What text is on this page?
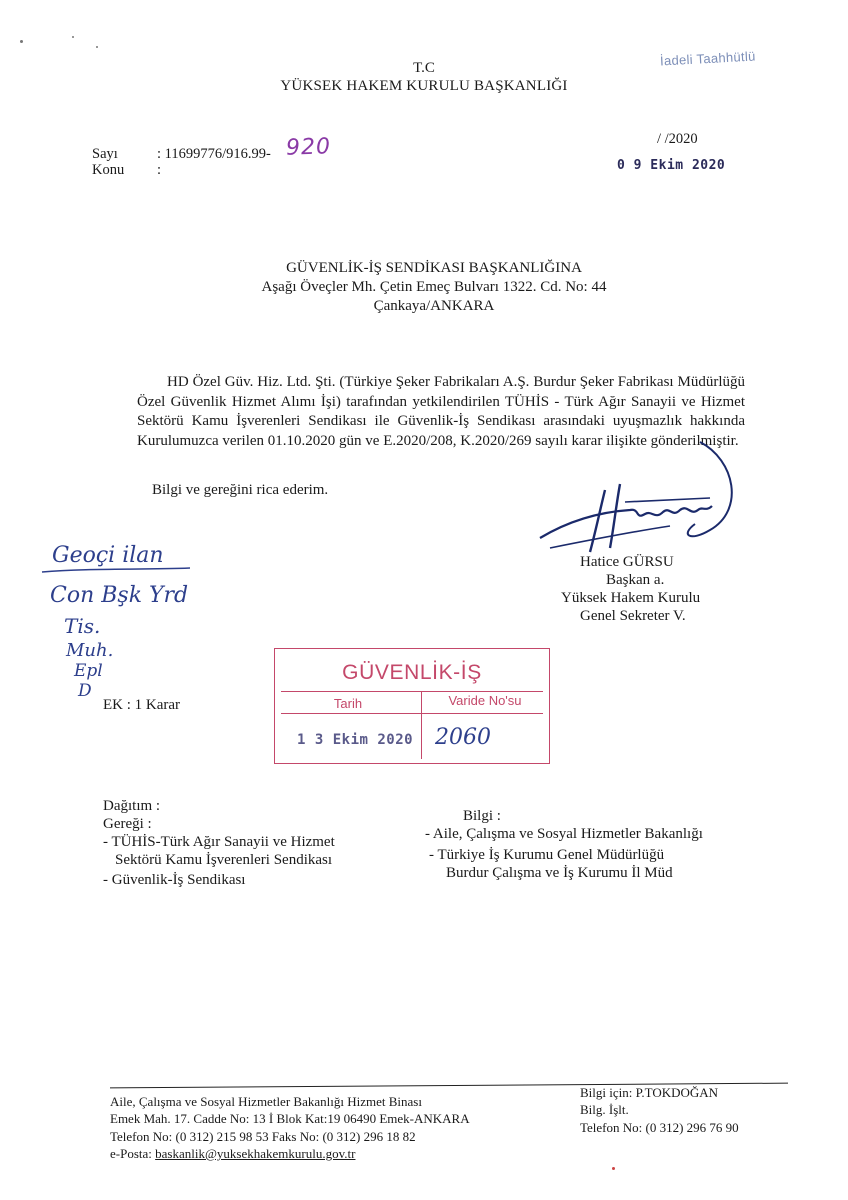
T.C
YÜKSEK HAKEM KURULU BAŞKANLIĞI
İadeli Taahhütlü
Sayı	: 11699776/916.99- 920
Konu :
/ /2020
0 9 Ekim 2020
GÜVENLİK-İŞ SENDİKASI BAŞKANLIĞINA
Aşağı Öveçler Mh. Çetin Emeç Bulvarı 1322. Cd. No: 44
Çankaya/ANKARA
HD Özel Güv. Hiz. Ltd. Şti. (Türkiye Şeker Fabrikaları A.Ş. Burdur Şeker Fabrikası Müdürlüğü Özel Güvenlik Hizmet Alımı İşi) tarafından yetkilendirilen TÜHİS - Türk Ağır Sanayii ve Hizmet Sektörü Kamu İşverenleri Sendikası ile Güvenlik-İş Sendikası arasındaki uyuşmazlık hakkında Kurulumuzca verilen 01.10.2020 gün ve E.2020/208, K.2020/269 sayılı karar ilişikte gönderilmiştir.
Bilgi ve gereğini rica ederim.
Hatice GÜRSU
Başkan a.
Yüksek Hakem Kurulu
Genel Sekreter V.
Geoçi ilan
Con Bşk Yrd
Tis.
Muh.
Epl
D
EK : 1 Karar
GÜVENLİK-İŞ
Tarih	Varide No'su
1 3 Ekim 2020 2060
Dağıtım :
Gereği :
- TÜHİS-Türk Ağır Sanayii ve Hizmet
Sektörü Kamu İşverenleri Sendikası
- Güvenlik-İş Sendikası
Bilgi :
- Aile, Çalışma ve Sosyal Hizmetler Bakanlığı
- Türkiye İş Kurumu Genel Müdürlüğü
Burdur Çalışma ve İş Kurumu İl Müd
Aile, Çalışma ve Sosyal Hizmetler Bakanlığı Hizmet Binası
Emek Mah. 17. Cadde No: 13 İ Blok Kat:19 06490 Emek-ANKARA
Telefon No: (0 312) 215 98 53 Faks No: (0 312) 296 18 82
e-Posta: baskanlik@yuksekhakemkurulu.gov.tr
Bilgi için: P.TOKDOĞAN
Bilg. İşlt.
Telefon No: (0 312) 296 76 90
